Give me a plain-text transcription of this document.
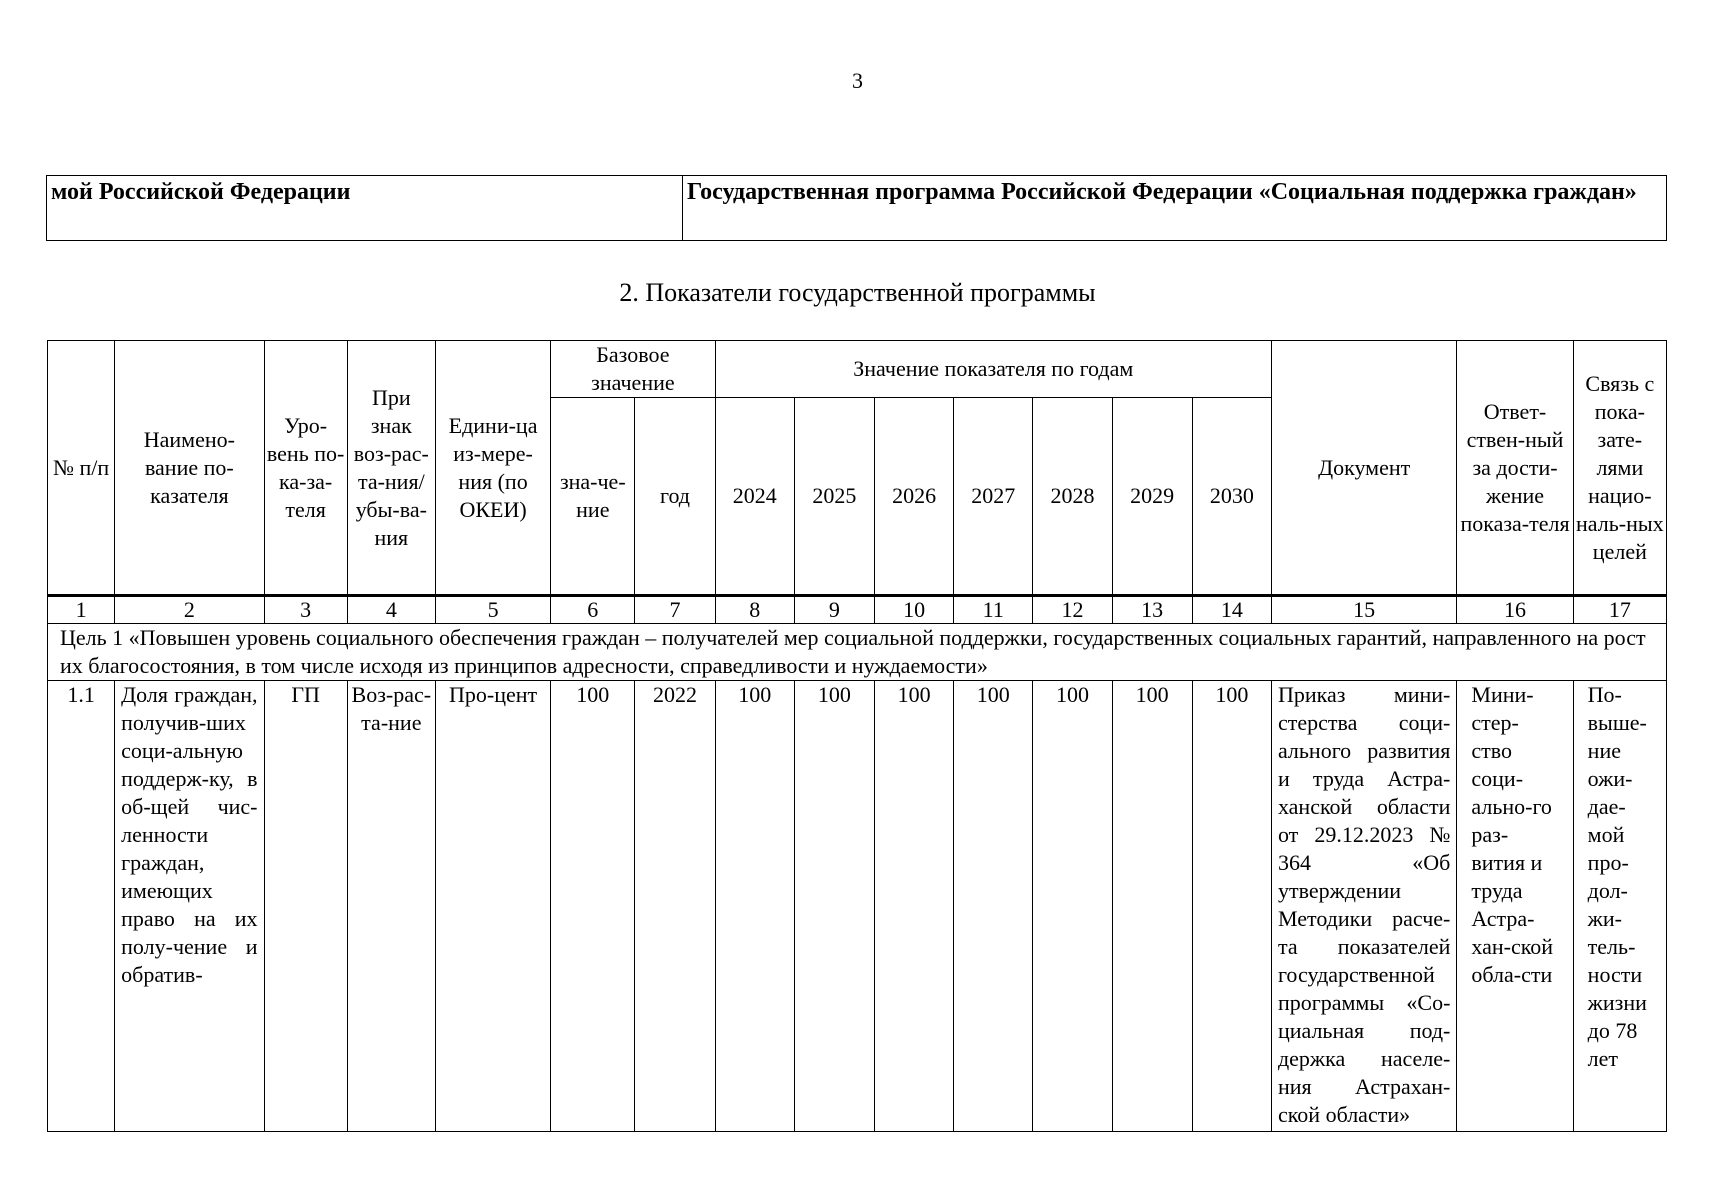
3
мой Российской Федерации	Государственная программа Российской Федерации «Социальная поддержка граждан»
2. Показатели государственной программы
№ п/п	Наимено-вание по-казателя	Уро-вень по-ка-за-теля	При знак воз-рас-та-ния/ убы-ва-ния	Едини-ца из-мере-ния (по ОКЕИ)	Базовое значение		Значение показателя по годам							Документ	Ответ-ствен-ный за дости-жение показа-теля	Связь с пока-зате-лями нацио-наль-ных целей
					зна-че-ние	год	2024	2025	2026	2027	2028	2029	2030			
1	2	3	4	5	6	7	8	9	10	11	12	13	14	15	16	17
Цель 1 «Повышен уровень социального обеспечения граждан – получателей мер социальной поддержки, государственных социальных гарантий, направленного на рост их благосостояния, в том числе исходя из принципов адресности, справедливости и нуждаемости»																
1.1	Доля граждан, получив-ших соци-альную поддерж-ку, в об-щей чис-ленности граждан, имеющих право на их полу-чение и обратив-	ГП	Воз-рас-та-ние	Про-цент	100	2022	100	100	100	100	100	100	100	Приказ мини-стерства соци-ального развития и труда Астра-ханской области от 29.12.2023 № 364 «Об утверждении Методики расче-та показателей государственной программы «Со-циальная под-держка населе-ния Астрахан-ской области»	Мини-стер-ство соци-ально-го раз-вития и труда Астра-хан-ской обла-сти	По-выше-ние ожи-дае-мой про-дол-жи-тель-ности жизни до 78 лет
